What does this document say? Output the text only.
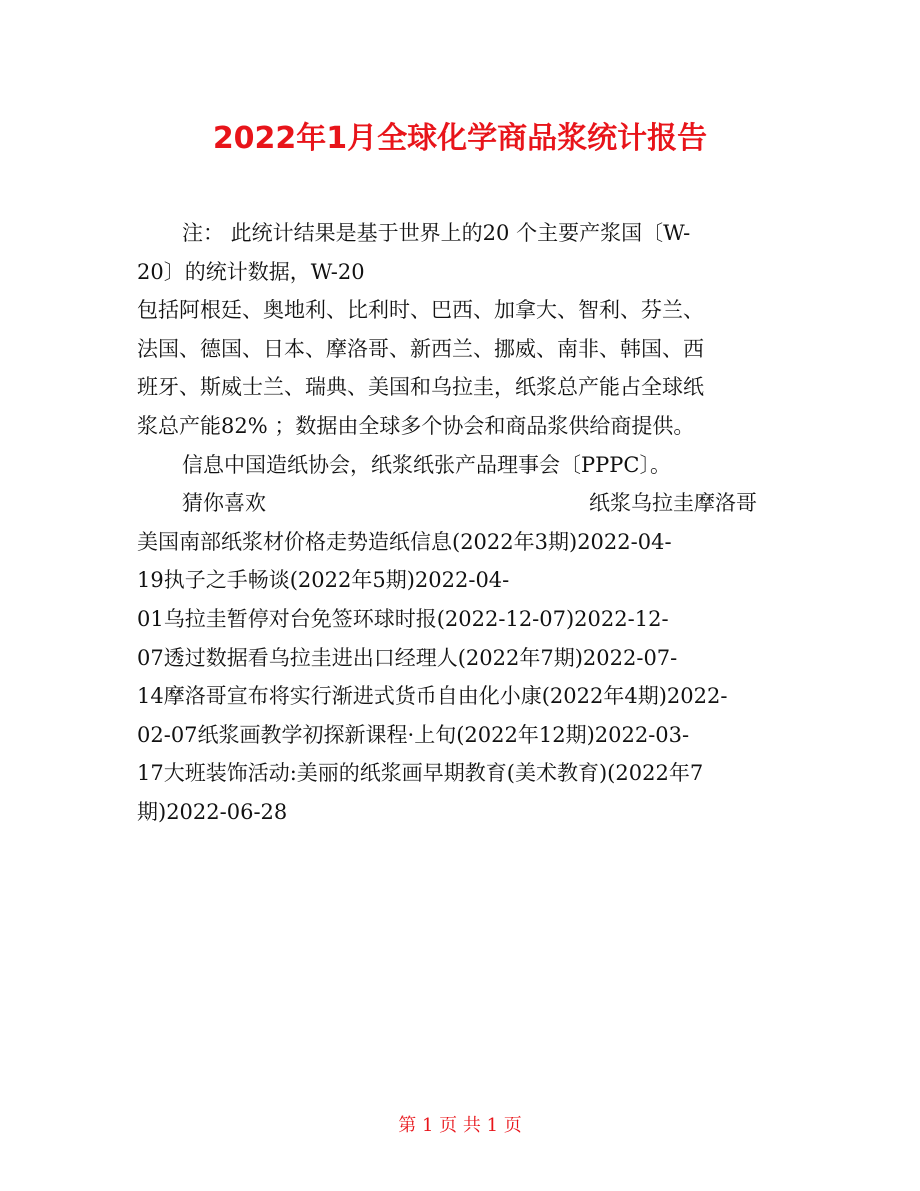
2022年1月全球化学商品浆统计报告
注： 此统计结果是基于世界上的20 个主要产浆国〔W-
20〕的统计数据，W-20
包括阿根廷、奥地利、比利时、巴西、加拿大、智利、芬兰、
法国、德国、日本、摩洛哥、新西兰、挪威、南非、韩国、西
班牙、斯威士兰、瑞典、美国和乌拉圭，纸浆总产能占全球纸
浆总产能82% ；数据由全球多个协会和商品浆供给商提供。
信息中国造纸协会，纸浆纸张产品理事会〔PPPC〕。
猜你喜欢	纸浆乌拉圭摩洛哥
美国南部纸浆材价格走势造纸信息(2022年3期)2022-04-
19执子之手畅谈(2022年5期)2022-04-
01乌拉圭暂停对台免签环球时报(2022-12-07)2022-12-
07透过数据看乌拉圭进出口经理人(2022年7期)2022-07-
14摩洛哥宣布将实行渐进式货币自由化小康(2022年4期)2022-
02-07纸浆画教学初探新课程·上旬(2022年12期)2022-03-
17大班装饰活动:美丽的纸浆画早期教育(美术教育)(2022年7
期)2022-06-28
第 1 页 共 1 页
